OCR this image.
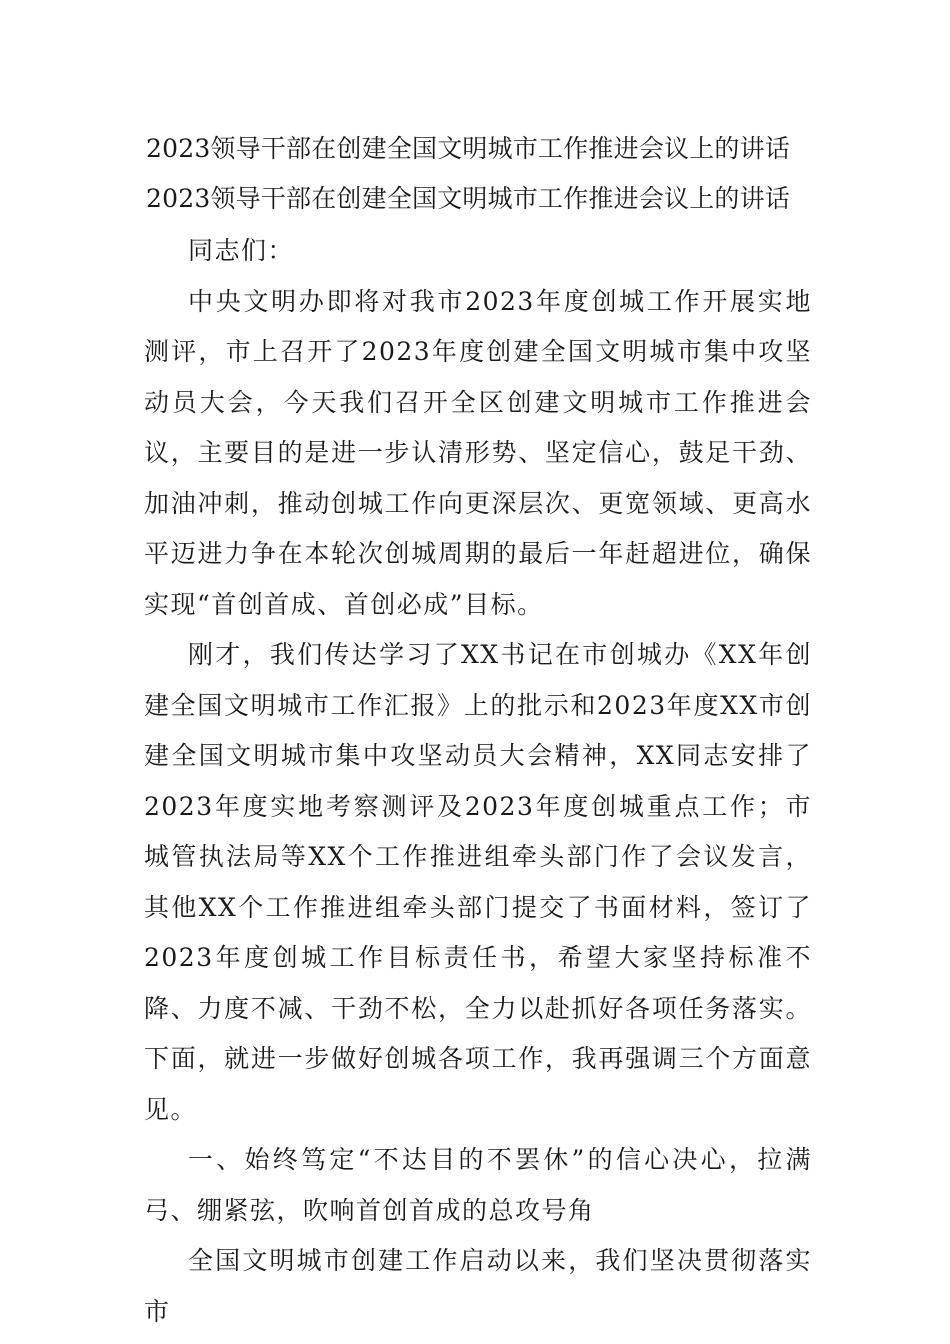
2023领导干部在创建全国文明城市工作推进会议上的讲话
2023领导干部在创建全国文明城市工作推进会议上的讲话

同志们：

中央文明办即将对我市2023年度创城工作开展实地测评，市上召开了2023年度创建全国文明城市集中攻坚动员大会，今天我们召开全区创建文明城市工作推进会议，主要目的是进一步认清形势、坚定信心，鼓足干劲、加油冲刺，推动创城工作向更深层次、更宽领域、更高水平迈进力争在本轮次创城周期的最后一年赶超进位，确保实现“首创首成、首创必成”目标。

刚才，我们传达学习了XX书记在市创城办《XX年创建全国文明城市工作汇报》上的批示和2023年度XX市创建全国文明城市集中攻坚动员大会精神，XX同志安排了2023年度实地考察测评及2023年度创城重点工作；市城管执法局等XX个工作推进组牵头部门作了会议发言，其他XX个工作推进组牵头部门提交了书面材料，签订了2023年度创城工作目标责任书，希望大家坚持标准不降、力度不减、干劲不松，全力以赴抓好各项任务落实。下面，就进一步做好创城各项工作，我再强调三个方面意见。

一、始终笃定“不达目的不罢休”的信心决心，拉满弓、绷紧弦，吹响首创首成的总攻号角

全国文明城市创建工作启动以来，我们坚决贯彻落实市
